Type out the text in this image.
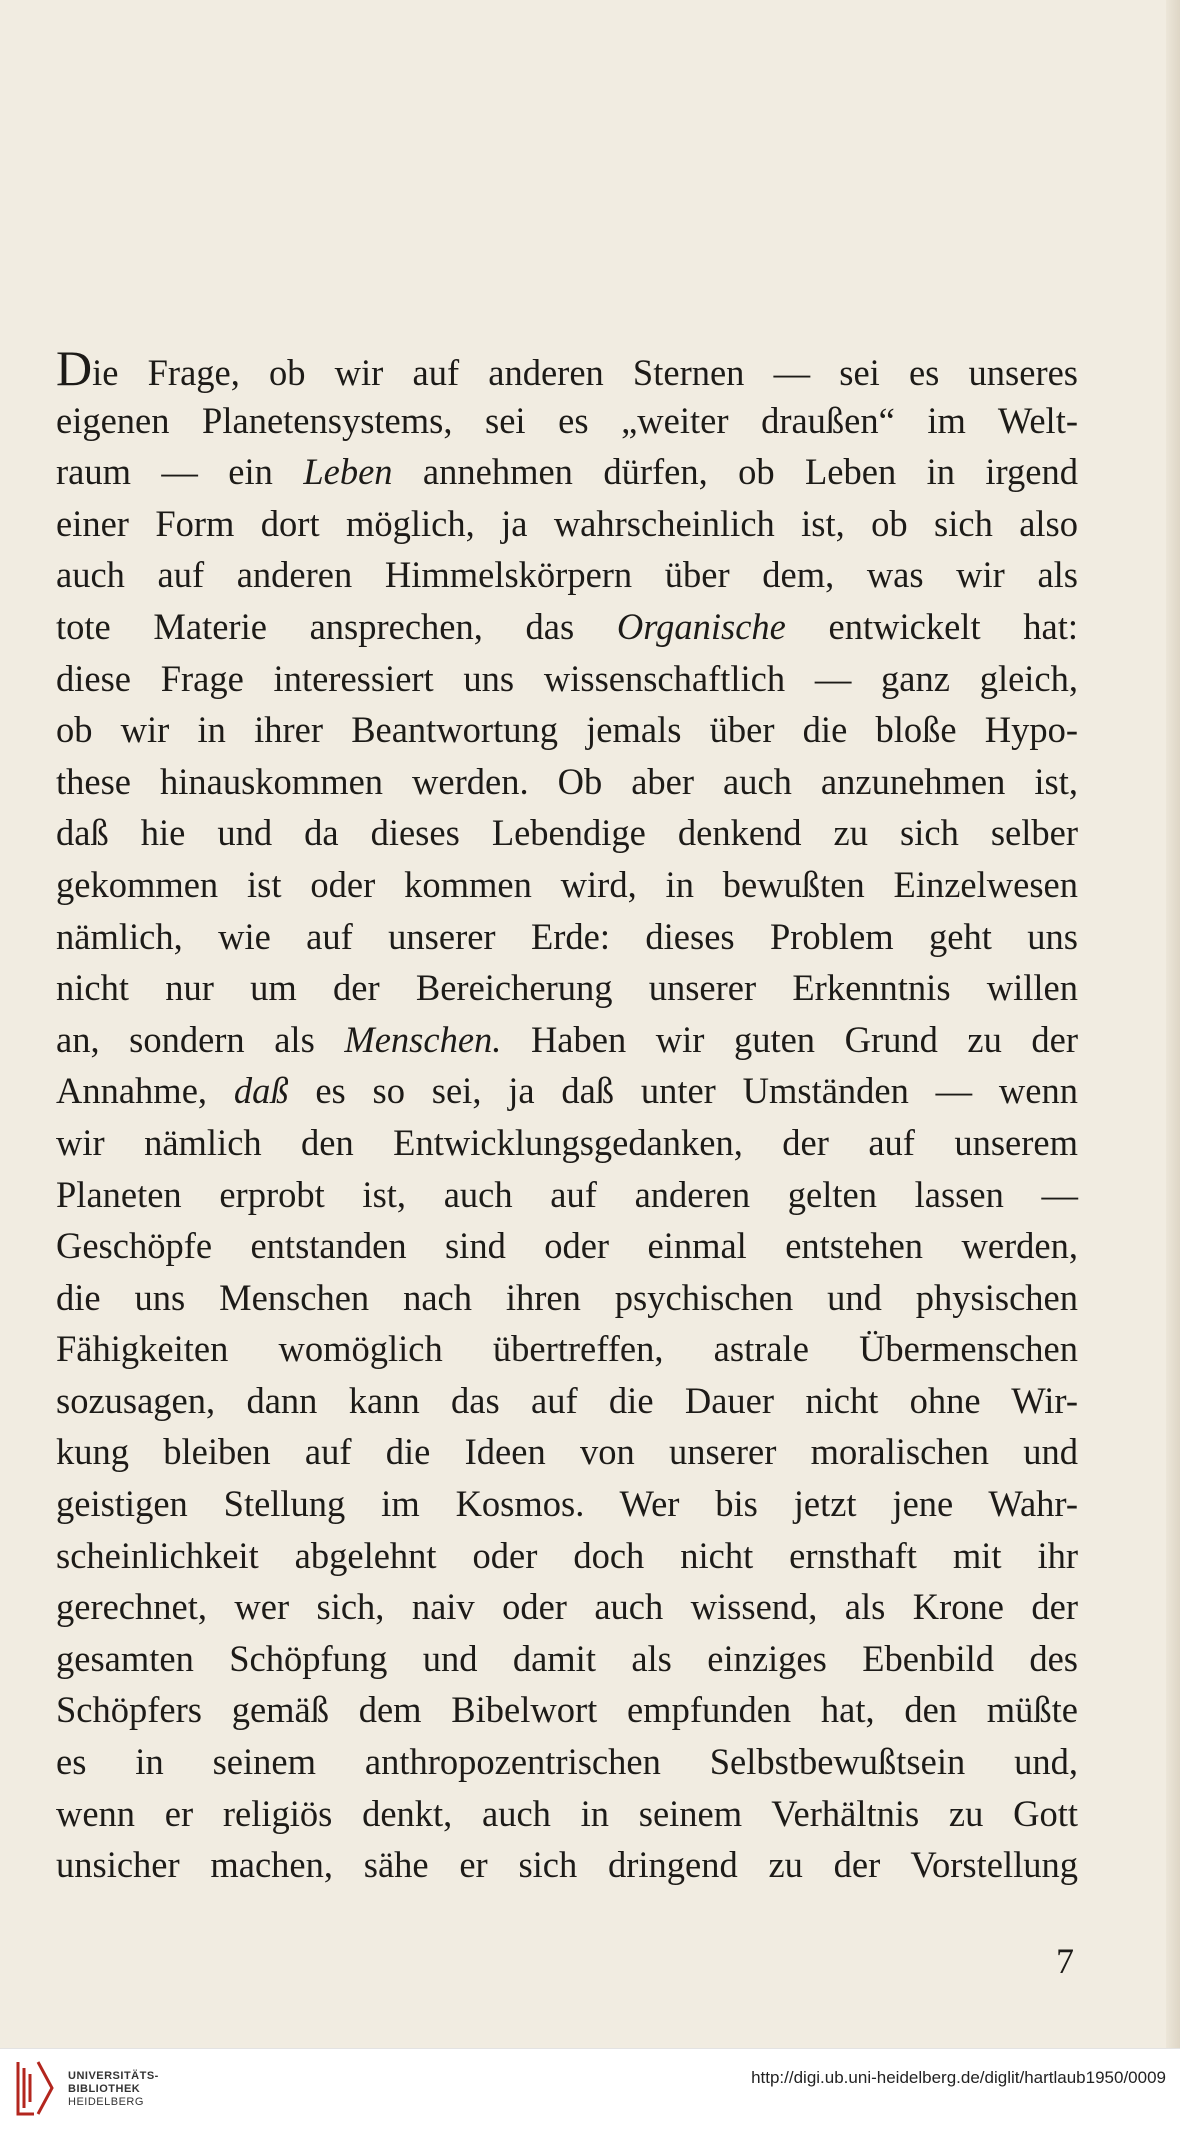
Die Frage, ob wir auf anderen Sternen — sei es unseres
eigenen Planetensystems, sei es „weiter draußen“ im Welt-
raum — ein Leben annehmen dürfen, ob Leben in irgend
einer Form dort möglich, ja wahrscheinlich ist, ob sich also
auch auf anderen Himmelskörpern über dem, was wir als
tote Materie ansprechen, das Organische entwickelt hat:
diese Frage interessiert uns wissenschaftlich — ganz gleich,
ob wir in ihrer Beantwortung jemals über die bloße Hypo-
these hinauskommen werden. Ob aber auch anzunehmen ist,
daß hie und da dieses Lebendige denkend zu sich selber
gekommen ist oder kommen wird, in bewußten Einzelwesen
nämlich, wie auf unserer Erde: dieses Problem geht uns
nicht nur um der Bereicherung unserer Erkenntnis willen
an, sondern als Menschen. Haben wir guten Grund zu der
Annahme, daß es so sei, ja daß unter Umständen — wenn
wir nämlich den Entwicklungsgedanken, der auf unserem
Planeten erprobt ist, auch auf anderen gelten lassen —
Geschöpfe entstanden sind oder einmal entstehen werden,
die uns Menschen nach ihren psychischen und physischen
Fähigkeiten womöglich übertreffen, astrale Übermenschen
sozusagen, dann kann das auf die Dauer nicht ohne Wir-
kung bleiben auf die Ideen von unserer moralischen und
geistigen Stellung im Kosmos. Wer bis jetzt jene Wahr-
scheinlichkeit abgelehnt oder doch nicht ernsthaft mit ihr
gerechnet, wer sich, naiv oder auch wissend, als Krone der
gesamten Schöpfung und damit als einziges Ebenbild des
Schöpfers gemäß dem Bibelwort empfunden hat, den müßte
es in seinem anthropozentrischen Selbstbewußtsein und,
wenn er religiös denkt, auch in seinem Verhältnis zu Gott
unsicher machen, sähe er sich dringend zu der Vorstellung
7
UNIVERSITÄTS-
BIBLIOTHEK
HEIDELBERG
http://digi.ub.uni-heidelberg.de/diglit/hartlaub1950/0009
